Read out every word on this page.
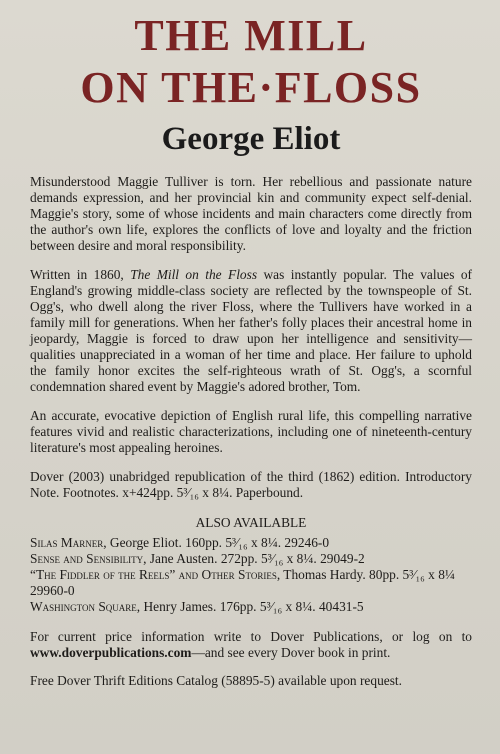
THE MILL
ON THE·FLOSS
George Eliot

Misunderstood Maggie Tulliver is torn. Her rebellious and passionate nature demands expression, and her provincial kin and community expect self-denial. Maggie's story, some of whose incidents and main characters come directly from the author's own life, explores the conflicts of love and loyalty and the friction between desire and moral responsibility.

Written in 1860, The Mill on the Floss was instantly popular. The values of England's growing middle-class society are reflected by the townspeople of St. Ogg's, who dwell along the river Floss, where the Tullivers have worked in a family mill for generations. When her father's folly places their ancestral home in jeopardy, Maggie is forced to draw upon her intelligence and sensitivity—qualities unappreciated in a woman of her time and place. Her failure to uphold the family honor excites the self-righteous wrath of St. Ogg's, a scornful condemnation shared event by Maggie's adored brother, Tom.

An accurate, evocative depiction of English rural life, this compelling narrative features vivid and realistic characterizations, including one of nineteenth-century literature's most appealing heroines.

Dover (2003) unabridged republication of the third (1862) edition. Introductory Note. Footnotes. x+424pp. 5³⁄₁₆ x 8¼. Paperbound.

ALSO AVAILABLE
Silas Marner, George Eliot. 160pp. 5³⁄₁₆ x 8¼. 29246-0
Sense and Sensibility, Jane Austen. 272pp. 5³⁄₁₆ x 8¼. 29049-2
“The Fiddler of the Reels” and Other Stories, Thomas Hardy. 80pp. 5³⁄₁₆ x 8¼ 29960-0
Washington Square, Henry James. 176pp. 5³⁄₁₆ x 8¼. 40431-5

For current price information write to Dover Publications, or log on to www.doverpublications.com—and see every Dover book in print.

Free Dover Thrift Editions Catalog (58895-5) available upon request.
